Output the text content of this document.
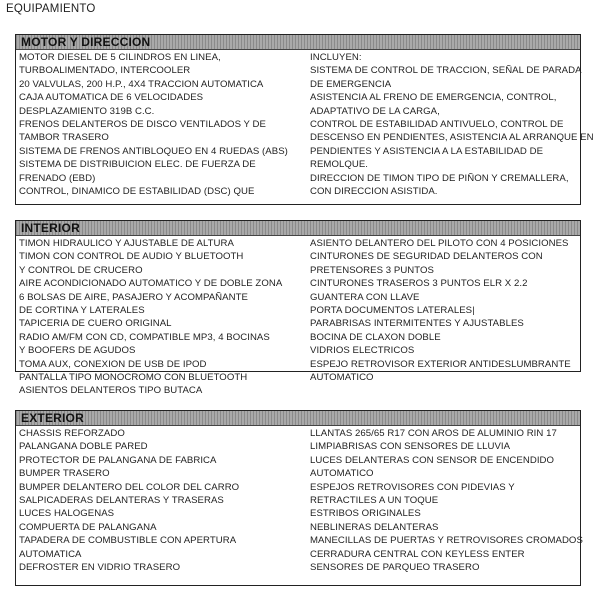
EQUIPAMIENTO
MOTOR Y DIRECCION
MOTOR DIESEL DE 5 CILINDROS EN LINEA,
TURBOALIMENTADO, INTERCOOLER
20 VALVULAS, 200 H.P., 4X4 TRACCION AUTOMATICA
CAJA AUTOMATICA DE 6 VELOCIDADES
DESPLAZAMIENTO 319B C.C.
FRENOS DELANTEROS DE DISCO VENTILADOS Y DE
TAMBOR TRASERO
SISTEMA DE FRENOS ANTIBLOQUEO EN 4 RUEDAS (ABS)
SISTEMA DE DISTRIBUICION ELEC. DE FUERZA DE
FRENADO (EBD)
CONTROL, DINAMICO DE ESTABILIDAD (DSC) QUE
INCLUYEN:
SISTEMA DE CONTROL DE TRACCION, SEÑAL DE PARADA
DE EMERGENCIA
ASISTENCIA AL FRENO DE EMERGENCIA, CONTROL,
ADAPTATIVO DE LA CARGA,
CONTROL DE ESTABILIDAD ANTIVUELO, CONTROL DE
DESCENSO EN PENDIENTES, ASISTENCIA AL ARRANQUE EN
PENDIENTES Y ASISTENCIA A LA ESTABILIDAD DE
REMOLQUE.
DIRECCION DE TIMON TIPO DE PIÑON Y CREMALLERA,
CON DIRECCION ASISTIDA.
INTERIOR
TIMON HIDRAULICO Y AJUSTABLE DE ALTURA
TIMON CON CONTROL DE AUDIO Y BLUETOOTH
Y CONTROL DE CRUCERO
AIRE ACONDICIONADO AUTOMATICO Y DE DOBLE ZONA
6 BOLSAS DE AIRE, PASAJERO Y ACOMPAÑANTE
DE CORTINA Y LATERALES
TAPICERIA DE CUERO ORIGINAL
RADIO AM/FM CON CD, COMPATIBLE MP3, 4 BOCINAS
Y BOOFERS DE AGUDOS
TOMA AUX, CONEXION DE USB DE IPOD
PANTALLA TIPO MONOCROMO CON BLUETOOTH
ASIENTOS DELANTEROS TIPO BUTACA
ASIENTO DELANTERO DEL PILOTO CON 4 POSICIONES
CINTURONES DE SEGURIDAD DELANTEROS CON
PRETENSORES 3 PUNTOS
CINTURONES TRASEROS 3 PUNTOS ELR X 2.2
GUANTERA CON LLAVE
PORTA DOCUMENTOS LATERALES|
PARABRISAS INTERMITENTES Y AJUSTABLES
BOCINA DE CLAXON DOBLE
VIDRIOS ELECTRICOS
ESPEJO RETROVISOR EXTERIOR ANTIDESLUMBRANTE
AUTOMATICO
EXTERIOR
CHASSIS REFORZADO
PALANGANA DOBLE PARED
PROTECTOR DE PALANGANA DE FABRICA
BUMPER TRASERO
BUMPER DELANTERO DEL COLOR DEL CARRO
SALPICADERAS DELANTERAS Y TRASERAS
LUCES HALOGENAS
COMPUERTA DE PALANGANA
TAPADERA DE COMBUSTIBLE CON APERTURA
AUTOMATICA
DEFROSTER EN VIDRIO TRASERO
LLANTAS 265/65 R17 CON AROS DE ALUMINIO RIN 17
LIMPIABRISAS CON SENSORES DE LLUVIA
LUCES DELANTERAS CON SENSOR DE ENCENDIDO
AUTOMATICO
ESPEJOS RETROVISORES CON PIDEVIAS Y
RETRACTILES A UN TOQUE
ESTRIBOS ORIGINALES
NEBLINERAS DELANTERAS
MANECILLAS DE PUERTAS Y RETROVISORES CROMADOS
CERRADURA CENTRAL CON KEYLESS ENTER
SENSORES DE PARQUEO TRASERO
